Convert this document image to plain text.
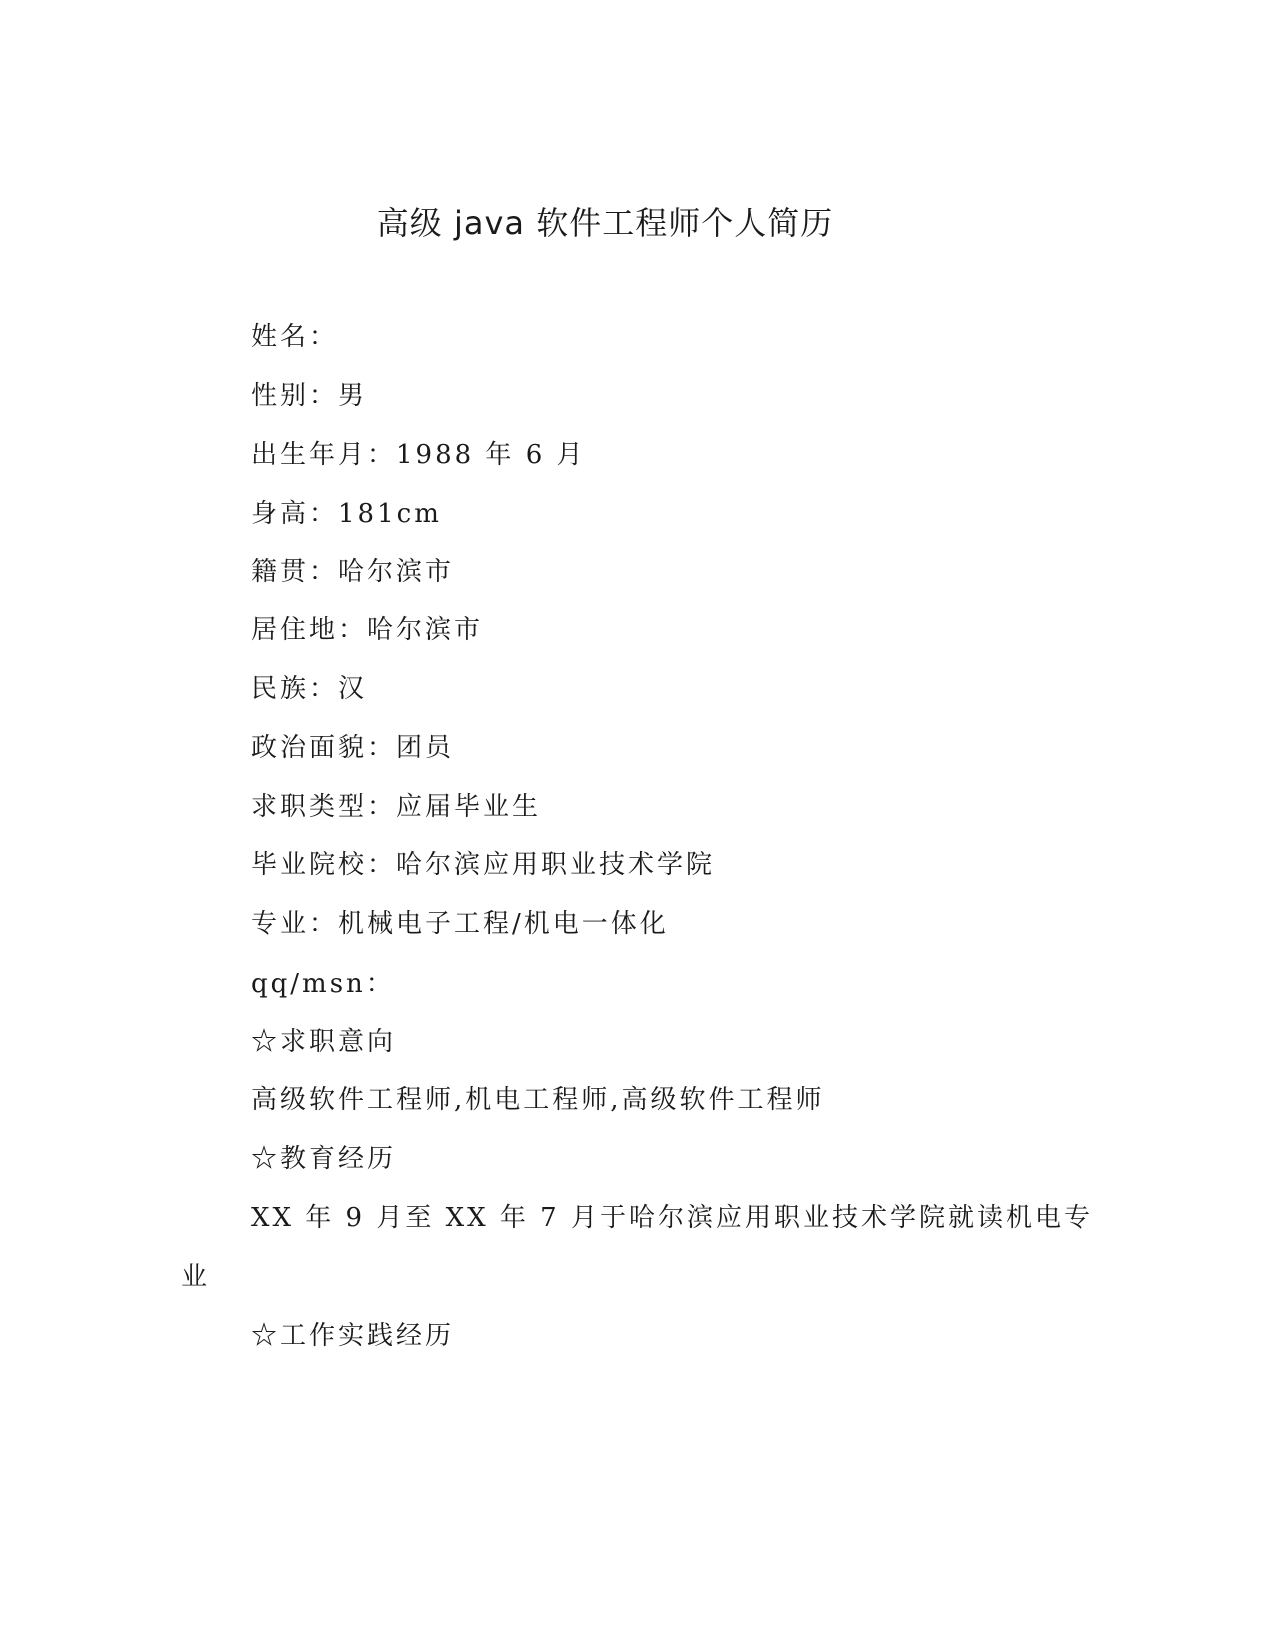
高级 java 软件工程师个人简历

姓名：

性别：男

出生年月：1988 年 6 月

身高：181cm

籍贯：哈尔滨市

居住地：哈尔滨市

民族：汉

政治面貌：团员

求职类型：应届毕业生

毕业院校：哈尔滨应用职业技术学院

专业：机械电子工程/机电一体化

qq/msn：

☆求职意向

高级软件工程师,机电工程师,高级软件工程师

☆教育经历

XX 年 9 月至 XX 年 7 月于哈尔滨应用职业技术学院就读机电专

业

☆工作实践经历
